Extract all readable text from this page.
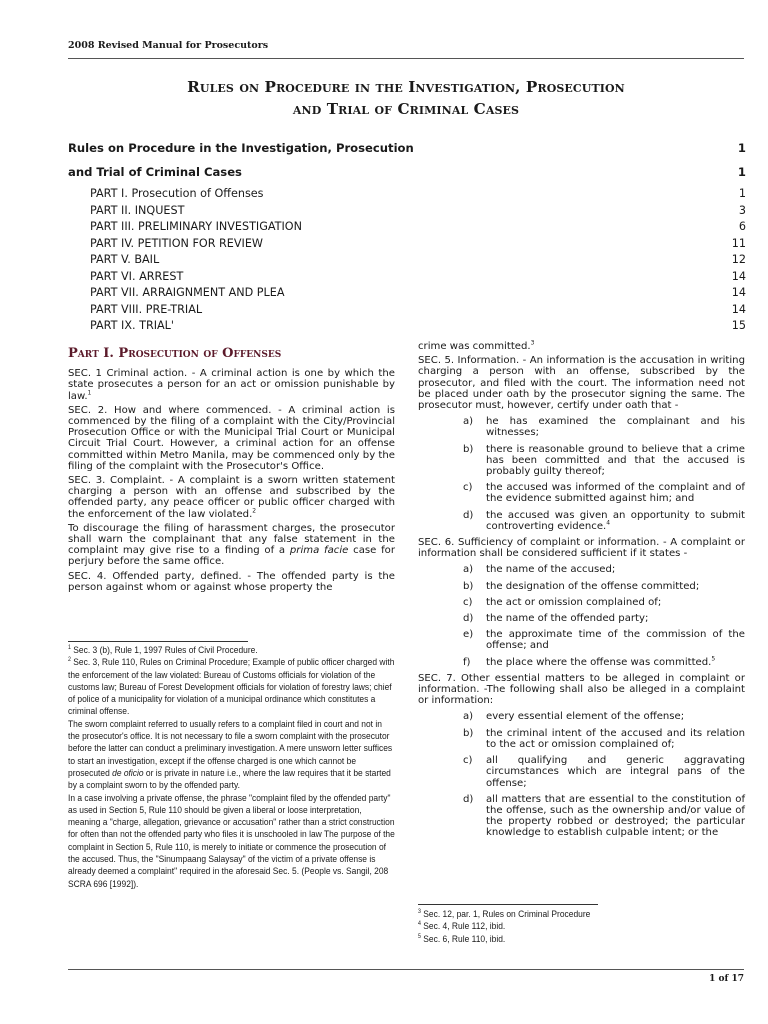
2008 Revised Manual for Prosecutors
Rules on Procedure in the Investigation, Prosecution
and Trial of Criminal Cases
Rules on Procedure in the Investigation, Prosecution	1
and Trial of Criminal Cases	1
PART I. Prosecution of Offenses	1
PART II. INQUEST	3
PART III. PRELIMINARY INVESTIGATION	6
PART IV. PETITION FOR REVIEW	11
PART V. BAIL	12
PART VI. ARREST	14
PART VII. ARRAIGNMENT AND PLEA	14
PART VIII. PRE-TRIAL	14
PART IX. TRIAL'	15
Part I. Prosecution of Offenses

SEC. 1 Criminal action. - A criminal action is one by which the state prosecutes a person for an act or omission punishable by law.$^1$

SEC. 2. How and where commenced. - A criminal action is commenced by the filing of a complaint with the City/Provincial Prosecution Office or with the Municipal Trial Court or Municipal Circuit Trial Court. However, a criminal action for an offense committed within Metro Manila, may be commenced only by the filing of the complaint with the Prosecutor's Office.

SEC. 3. Complaint. - A complaint is a sworn written statement charging a person with an offense and subscribed by the offended party, any peace officer or public officer charged with the enforcement of the law violated.$^2$

To discourage the filing of harassment charges, the prosecutor shall warn the complainant that any false statement in the complaint may give rise to a finding of a prima facie case for perjury before the same office.

SEC. 4. Offended party, defined. - The offended party is the person against whom or against whose property the

$^1$ Sec. 3 (b), Rule 1, 1997 Rules of Civil Procedure.

$^2$ Sec. 3, Rule 110, Rules on Criminal Procedure; Example of public officer charged with the enforcement of the law violated: Bureau of Customs officials for violation of the customs law; Bureau of Forest Development officials for violation of forestry laws; chief of police of a municipality for violation of a municipal ordinance which constitutes a criminal offense.

The sworn complaint referred to usually refers to a complaint filed in court and not in the prosecutor's office. It is not necessary to file a sworn complaint with the prosecutor before the latter can conduct a preliminary investigation. A mere unsworn letter suffices to start an investigation, except if the offense charged is one which cannot be prosecuted de oficio or is private in nature i.e., where the law requires that it be started by a complaint sworn to by the offended party.

In a case involving a private offense, the phrase "complaint filed by the offended party" as used in Section 5, Rule 110 should be given a liberal or loose interpretation, meaning a "charge, allegation, grievance or accusation" rather than a strict construction for often than not the offended party who files it is unschooled in law The purpose of the complaint in Section 5, Rule 110, is merely to initiate or commence the prosecution of the accused. Thus, the "Sinumpaang Salaysay" of the victim of a private offense is already deemed a complaint" required in the aforesaid Sec. 5. (People vs. Sangil, 208 SCRA 696 [1992]).

crime was committed.$^3$

SEC. 5. Information. - An information is the accusation in writing charging a person with an offense, subscribed by the prosecutor, and filed with the court. The information need not be placed under oath by the prosecutor signing the same. The prosecutor must, however, certify under oath that -

a)	he has examined the complainant and his witnesses;
b)	there is reasonable ground to believe that a crime has been committed and that the accused is probably guilty thereof;
c)	the accused was informed of the complaint and of the evidence submitted against him; and
d)	the accused was given an opportunity to submit controverting evidence.$^4$

SEC. 6. Sufficiency of complaint or information. - A complaint or information shall be considered sufficient if it states -

a)	the name of the accused;
b)	the designation of the offense committed;
c)	the act or omission complained of;
d)	the name of the offended party;
e)	the approximate time of the commission of the offense; and
f)	the place where the offense was committed.$^5$

SEC. 7. Other essential matters to be alleged in complaint or information. -The following shall also be alleged in a complaint or information:

a)	every essential element of the offense;
b)	the criminal intent of the accused and its relation to the act or omission complained of;
c)	all qualifying and generic aggravating circumstances which are integral pans of the offense;
d)	all matters that are essential to the constitution of the offense, such as the ownership and/or value of the property robbed or destroyed; the particular knowledge to establish culpable intent; or the

$^3$ Sec. 12, par. 1, Rules on Criminal Procedure

$^4$ Sec. 4, Rule 112, ibid.

$^5$ Sec. 6, Rule 110, ibid.

1 of 17
